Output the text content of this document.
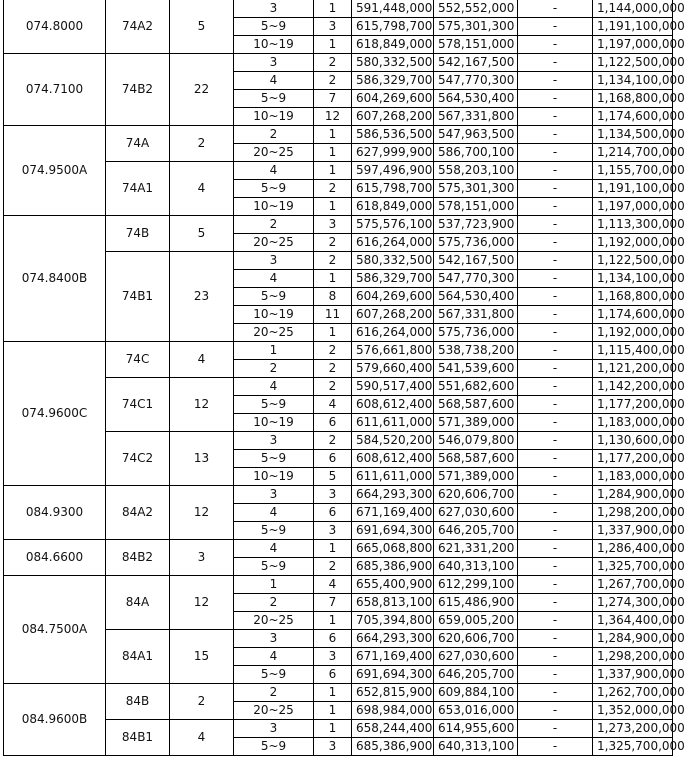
074.8000	74A2	5	3	1	591,448,000	552,552,000	-	1,144,000,000
			5~9	3	615,798,700	575,301,300	-	1,191,100,000
			10~19	1	618,849,000	578,151,000	-	1,197,000,000
074.7100	74B2	22	3	2	580,332,500	542,167,500	-	1,122,500,000
			4	2	586,329,700	547,770,300	-	1,134,100,000
			5~9	7	604,269,600	564,530,400	-	1,168,800,000
			10~19	12	607,268,200	567,331,800	-	1,174,600,000
074.9500A	74A	2	2	1	586,536,500	547,963,500	-	1,134,500,000
			20~25	1	627,999,900	586,700,100	-	1,214,700,000
	74A1	4	4	1	597,496,900	558,203,100	-	1,155,700,000
			5~9	2	615,798,700	575,301,300	-	1,191,100,000
			10~19	1	618,849,000	578,151,000	-	1,197,000,000
074.8400B	74B	5	2	3	575,576,100	537,723,900	-	1,113,300,000
			20~25	2	616,264,000	575,736,000	-	1,192,000,000
	74B1	23	3	2	580,332,500	542,167,500	-	1,122,500,000
			4	1	586,329,700	547,770,300	-	1,134,100,000
			5~9	8	604,269,600	564,530,400	-	1,168,800,000
			10~19	11	607,268,200	567,331,800	-	1,174,600,000
			20~25	1	616,264,000	575,736,000	-	1,192,000,000
074.9600C	74C	4	1	2	576,661,800	538,738,200	-	1,115,400,000
			2	2	579,660,400	541,539,600	-	1,121,200,000
	74C1	12	4	2	590,517,400	551,682,600	-	1,142,200,000
			5~9	4	608,612,400	568,587,600	-	1,177,200,000
			10~19	6	611,611,000	571,389,000	-	1,183,000,000
	74C2	13	3	2	584,520,200	546,079,800	-	1,130,600,000
			5~9	6	608,612,400	568,587,600	-	1,177,200,000
			10~19	5	611,611,000	571,389,000	-	1,183,000,000
084.9300	84A2	12	3	3	664,293,300	620,606,700	-	1,284,900,000
			4	6	671,169,400	627,030,600	-	1,298,200,000
			5~9	3	691,694,300	646,205,700	-	1,337,900,000
084.6600	84B2	3	4	1	665,068,800	621,331,200	-	1,286,400,000
			5~9	2	685,386,900	640,313,100	-	1,325,700,000
084.7500A	84A	12	1	4	655,400,900	612,299,100	-	1,267,700,000
			2	7	658,813,100	615,486,900	-	1,274,300,000
			20~25	1	705,394,800	659,005,200	-	1,364,400,000
	84A1	15	3	6	664,293,300	620,606,700	-	1,284,900,000
			4	3	671,169,400	627,030,600	-	1,298,200,000
			5~9	6	691,694,300	646,205,700	-	1,337,900,000
084.9600B	84B	2	2	1	652,815,900	609,884,100	-	1,262,700,000
			20~25	1	698,984,000	653,016,000	-	1,352,000,000
	84B1	4	3	1	658,244,400	614,955,600	-	1,273,200,000
			5~9	3	685,386,900	640,313,100	-	1,325,700,000
